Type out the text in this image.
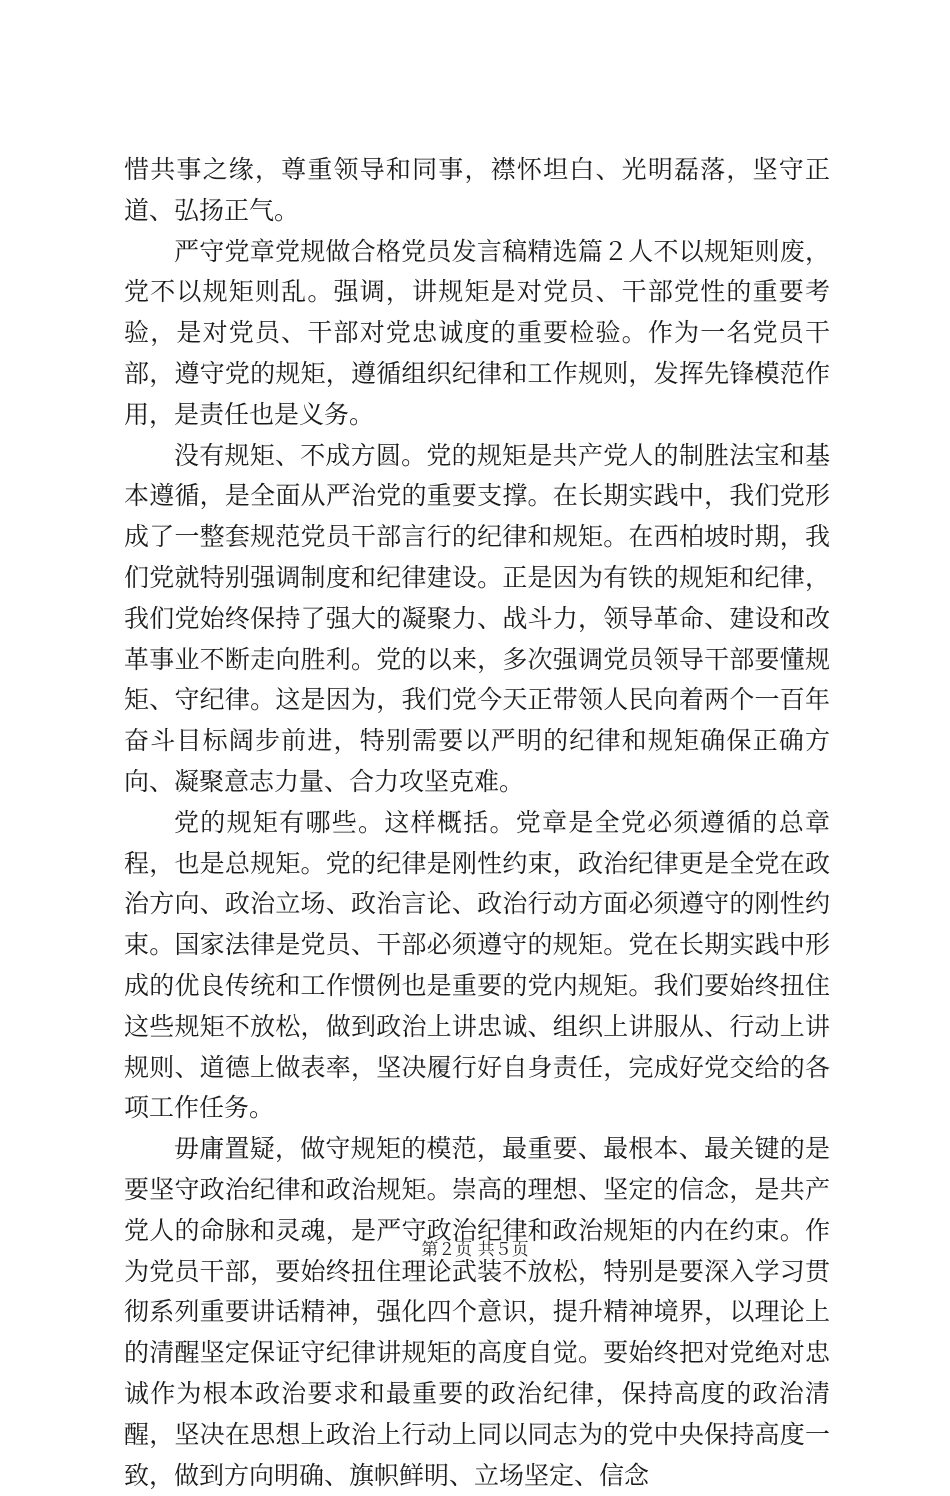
惜共事之缘，尊重领导和同事，襟怀坦白、光明磊落，坚守正道、弘扬正气。

严守党章党规做合格党员发言稿精选篇２人不以规矩则废，党不以规矩则乱。强调，讲规矩是对党员、干部党性的重要考验，是对党员、干部对党忠诚度的重要检验。作为一名党员干部，遵守党的规矩，遵循组织纪律和工作规则，发挥先锋模范作用，是责任也是义务。

没有规矩、不成方圆。党的规矩是共产党人的制胜法宝和基本遵循，是全面从严治党的重要支撑。在长期实践中，我们党形成了一整套规范党员干部言行的纪律和规矩。在西柏坡时期，我们党就特别强调制度和纪律建设。正是因为有铁的规矩和纪律，我们党始终保持了强大的凝聚力、战斗力，领导革命、建设和改革事业不断走向胜利。党的以来，多次强调党员领导干部要懂规矩、守纪律。这是因为，我们党今天正带领人民向着两个一百年奋斗目标阔步前进，特别需要以严明的纪律和规矩确保正确方向、凝聚意志力量、合力攻坚克难。

党的规矩有哪些。这样概括。党章是全党必须遵循的总章程，也是总规矩。党的纪律是刚性约束，政治纪律更是全党在政治方向、政治立场、政治言论、政治行动方面必须遵守的刚性约束。国家法律是党员、干部必须遵守的规矩。党在长期实践中形成的优良传统和工作惯例也是重要的党内规矩。我们要始终扭住这些规矩不放松，做到政治上讲忠诚、组织上讲服从、行动上讲规则、道德上做表率，坚决履行好自身责任，完成好党交给的各项工作任务。

毋庸置疑，做守规矩的模范，最重要、最根本、最关键的是要坚守政治纪律和政治规矩。崇高的理想、坚定的信念，是共产党人的命脉和灵魂，是严守政治纪律和政治规矩的内在约束。作为党员干部，要始终扭住理论武装不放松，特别是要深入学习贯彻系列重要讲话精神，强化四个意识，提升精神境界，以理论上的清醒坚定保证守纪律讲规矩的高度自觉。要始终把对党绝对忠诚作为根本政治要求和最重要的政治纪律，保持高度的政治清醒，坚决在思想上政治上行动上同以同志为的党中央保持高度一致，做到方向明确、旗帜鲜明、立场坚定、信念

第２页 共５页
